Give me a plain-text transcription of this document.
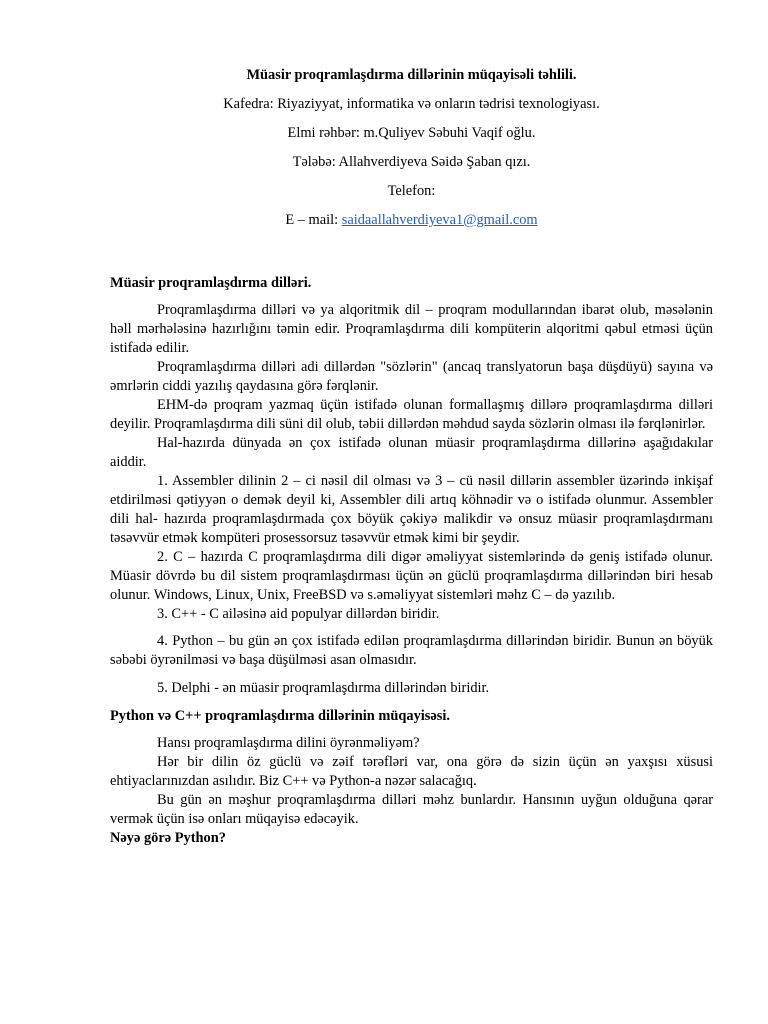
Müasir proqramlaşdırma dillərinin müqayisəli təhlili.
Kafedra: Riyaziyyat, informatika və onların tədrisi texnologiyası.
Elmi rəhbər: m.Quliyev Səbuhi Vaqif oğlu.
Tələbə: Allahverdiyeva Səidə Şaban qızı.
Telefon:
E – mail: saidaallahverdiyeva1@gmail.com

Müasir proqramlaşdırma dilləri.

Proqramlaşdırma dilləri və ya alqoritmik dil – proqram modullarından ibarət olub, məsələnin həll mərhələsinə hazırlığını təmin edir. Proqramlaşdırma dili kompüterin alqoritmi qəbul etməsi üçün istifadə edilir.

Proqramlaşdırma dilləri adi dillərdən "sözlərin" (ancaq translyatorun başa düşdüyü) sayına və əmrlərin ciddi yazılış qaydasına görə fərqlənir.

EHM-də proqram yazmaq üçün istifadə olunan formallaşmış dillərə proqramlaşdırma dilləri deyilir. Proqramlaşdırma dili süni dil olub, təbii dillərdən məhdud sayda sözlərin olması ilə fərqlənirlər.

Hal-hazırda dünyada ən çox istifadə olunan müasir proqramlaşdırma dillərinə aşağıdakılar aiddir.

1. Assembler dilinin 2 – ci nəsil dil olması və 3 – cü nəsil dillərin assembler üzərində inkişaf etdirilməsi qətiyyən o demək deyil ki, Assembler dili artıq köhnədir və o istifadə olunmur. Assembler dili hal- hazırda proqramlaşdırmada çox böyük çəkiyə malikdir və onsuz müasir proqramlaşdırmanı təsəvvür etmək kompüteri prosessorsuz təsəvvür etmək kimi bir şeydir.

2. C – hazırda C proqramlaşdırma dili digər əməliyyat sistemlərində də geniş istifadə olunur. Müasir dövrdə bu dil sistem proqramlaşdırması üçün ən güclü proqramlaşdırma dillərindən biri hesab olunur. Windows, Linux, Unix, FreeBSD və s.əməliyyat sistemləri məhz C – də yazılıb.

3. C++ - C ailəsinə aid populyar dillərdən biridir.

4. Python – bu gün ən çox istifadə edilən proqramlaşdırma dillərindən biridir. Bunun ən böyük səbəbi öyrənilməsi və başa düşülməsi asan olmasıdır.

5. Delphi - ən müasir proqramlaşdırma dillərindən biridir.

Python və C++ proqramlaşdırma dillərinin müqayisəsi.

Hansı proqramlaşdırma dilini öyrənməliyəm?

Hər bir dilin öz güclü və zəif tərəfləri var, ona görə də sizin üçün ən yaxşısı xüsusi ehtiyaclarınızdan asılıdır. Biz C++ və Python-a nəzər salacağıq.

Bu gün ən məşhur proqramlaşdırma dilləri məhz bunlardır. Hansının uyğun olduğuna qərar vermək üçün isə onları müqayisə edəcəyik.

Nəyə görə Python?
